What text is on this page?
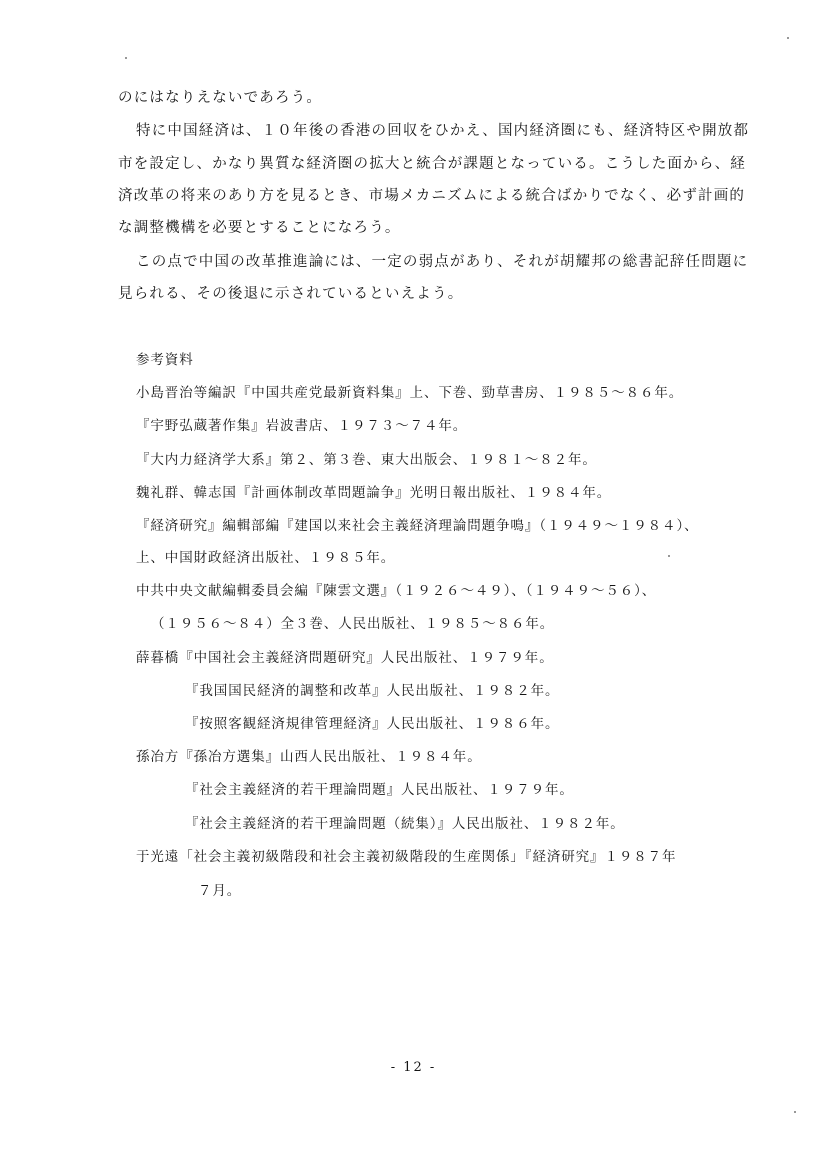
のにはなりえないであろう。
特に中国経済は、１０年後の香港の回収をひかえ、国内経済圏にも、経済特区や開放都
市を設定し、かなり異質な経済圏の拡大と統合が課題となっている。こうした面から、経
済改革の将来のあり方を見るとき、市場メカニズムによる統合ばかりでなく、必ず計画的
な調整機構を必要とすることになろう。
この点で中国の改革推進論には、一定の弱点があり、それが胡耀邦の総書記辞任問題に
見られる、その後退に示されているといえよう。
参考資料
小島晋治等編訳『中国共産党最新資料集』上、下巻、勁草書房、１９８５～８６年。
『宇野弘蔵著作集』岩波書店、１９７３～７４年。
『大内力経済学大系』第２、第３巻、東大出版会、１９８１～８２年。
魏礼群、韓志国『計画体制改革問題論争』光明日報出版社、１９８４年。
『経済研究』編輯部編『建国以来社会主義経済理論問題争鳴』（１９４９～１９８４）、
上、中国財政経済出版社、１９８５年。
中共中央文献編輯委員会編『陳雲文選』（１９２６～４９）、（１９４９～５６）、
（１９５６～８４）全３巻、人民出版社、１９８５～８６年。
薛暮橋『中国社会主義経済問題研究』人民出版社、１９７９年。
『我国国民経済的調整和改革』人民出版社、１９８２年。
『按照客観経済規律管理経済』人民出版社、１９８６年。
孫冶方『孫冶方選集』山西人民出版社、１９８４年。
『社会主義経済的若干理論問題』人民出版社、１９７９年。
『社会主義経済的若干理論問題（続集）』人民出版社、１９８２年。
于光遠「社会主義初級階段和社会主義初級階段的生産関係」『経済研究』１９８７年
７月。
- 12 -
